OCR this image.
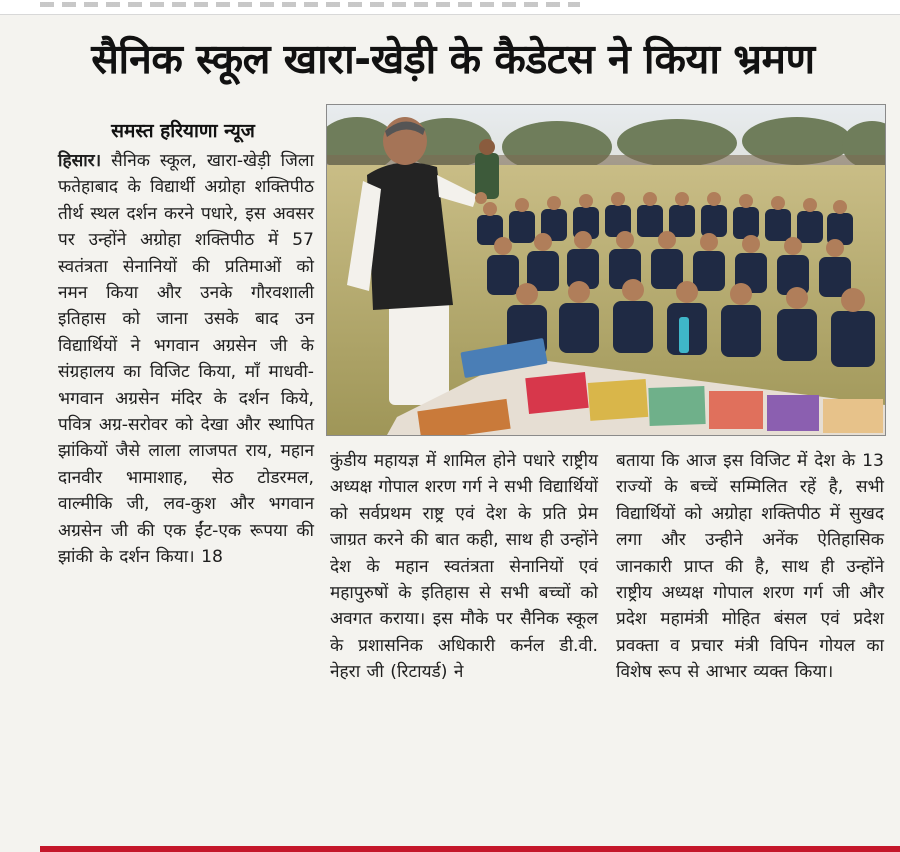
सैनिक स्कूल खारा-खेड़ी के कैडेटस ने किया भ्रमण
समस्त हरियाणा न्यूज
हिसार। सैनिक स्कूल, खारा-खेड़ी जिला फतेहाबाद के विद्यार्थी अग्रोहा शक्तिपीठ तीर्थ स्थल दर्शन करने पधारे, इस अवसर पर उन्होंने अग्रोहा शक्तिपीठ में 57 स्वतंत्रता सेनानियों की प्रतिमाओं को नमन किया और उनके गौरवशाली इतिहास को जाना उसके बाद उन विद्यार्थियों ने भगवान अग्रसेन जी के संग्रहालय का विजिट किया, माँ माधवी-भगवान अग्रसेन मंदिर के दर्शन किये, पवित्र अग्र-सरोवर को देखा और स्थापित झांकियों जैसे लाला लाजपत राय, महान दानवीर भामाशाह, सेठ टोडरमल, वाल्मीकि जी, लव-कुश और भगवान अग्रसेन जी की एक ईंट-एक रूपया की झांकी के दर्शन किया। 18
कुंडीय महायज्ञ में शामिल होने पधारे राष्ट्रीय अध्यक्ष गोपाल शरण गर्ग ने सभी विद्यार्थियों को सर्वप्रथम राष्ट्र एवं देश के प्रति प्रेम जाग्रत करने की बात कही, साथ ही उन्होंने देश के महान स्वतंत्रता सेनानियों एवं महापुरुषों के इतिहास से सभी बच्चों को अवगत कराया। इस मौके पर सैनिक स्कूल के प्रशासनिक अधिकारी कर्नल डी.वी. नेहरा जी (रिटायर्ड) ने
बताया कि आज इस विजिट में देश के 13 राज्यों के बच्चें सम्मिलित रहें है, सभी विद्यार्थियों को अग्रोहा शक्तिपीठ में सुखद लगा और उन्हीने अनेंक ऐतिहासिक जानकारी प्राप्त की है, साथ ही उन्होंने राष्ट्रीय अध्यक्ष गोपाल शरण गर्ग जी और प्रदेश महामंत्री मोहित बंसल एवं प्रदेश प्रवक्ता व प्रचार मंत्री विपिन गोयल का विशेष रूप से आभार व्यक्त किया।
